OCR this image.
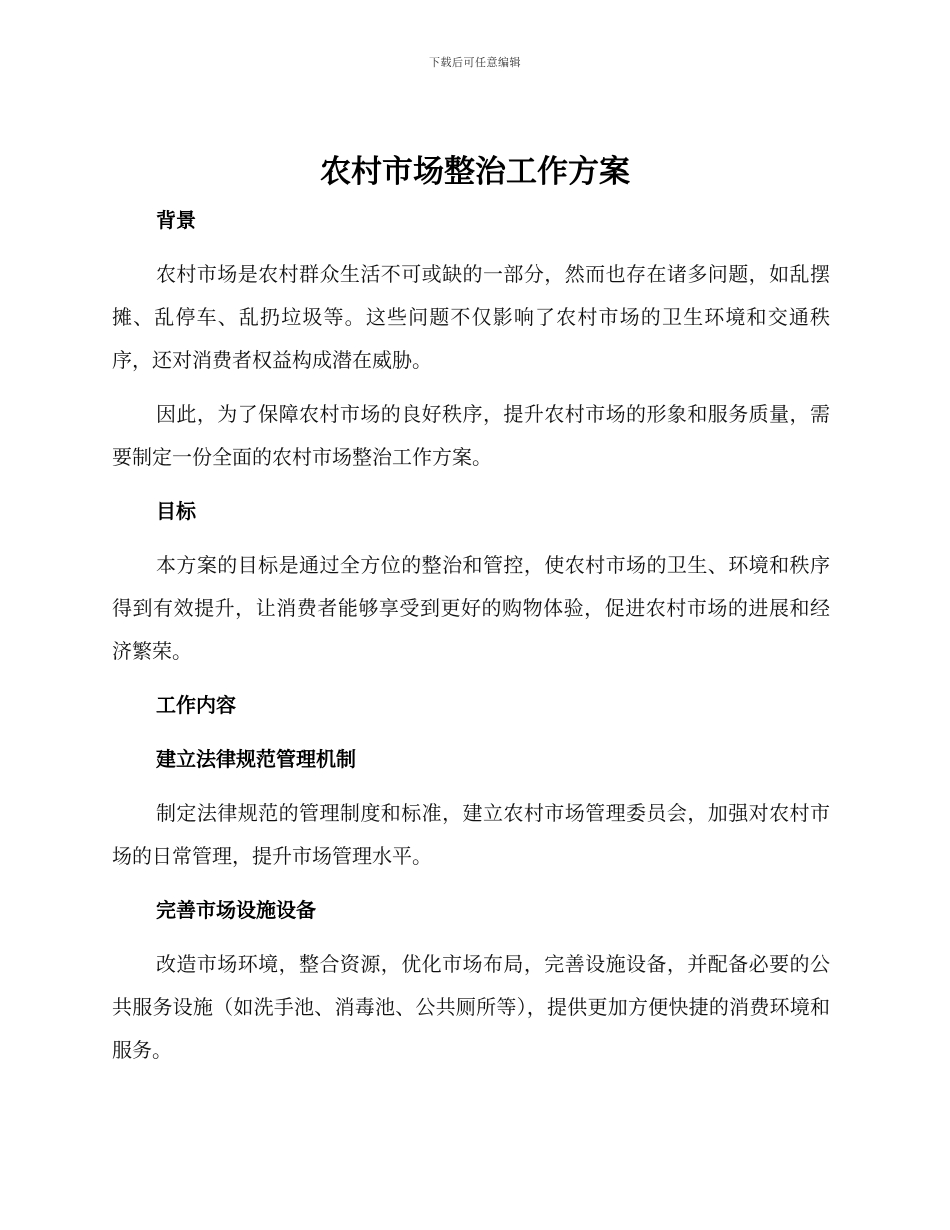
下载后可任意编辑
农村市场整治工作方案
背景

农村市场是农村群众生活不可或缺的一部分，然而也存在诸多问题，如乱摆摊、乱停车、乱扔垃圾等。这些问题不仅影响了农村市场的卫生环境和交通秩序，还对消费者权益构成潜在威胁。

因此，为了保障农村市场的良好秩序，提升农村市场的形象和服务质量，需要制定一份全面的农村市场整治工作方案。

目标

本方案的目标是通过全方位的整治和管控，使农村市场的卫生、环境和秩序得到有效提升，让消费者能够享受到更好的购物体验，促进农村市场的进展和经济繁荣。

工作内容
建立法律规范管理机制

制定法律规范的管理制度和标准，建立农村市场管理委员会，加强对农村市场的日常管理，提升市场管理水平。

完善市场设施设备

改造市场环境，整合资源，优化市场布局，完善设施设备，并配备必要的公共服务设施（如洗手池、消毒池、公共厕所等），提供更加方便快捷的消费环境和服务。
